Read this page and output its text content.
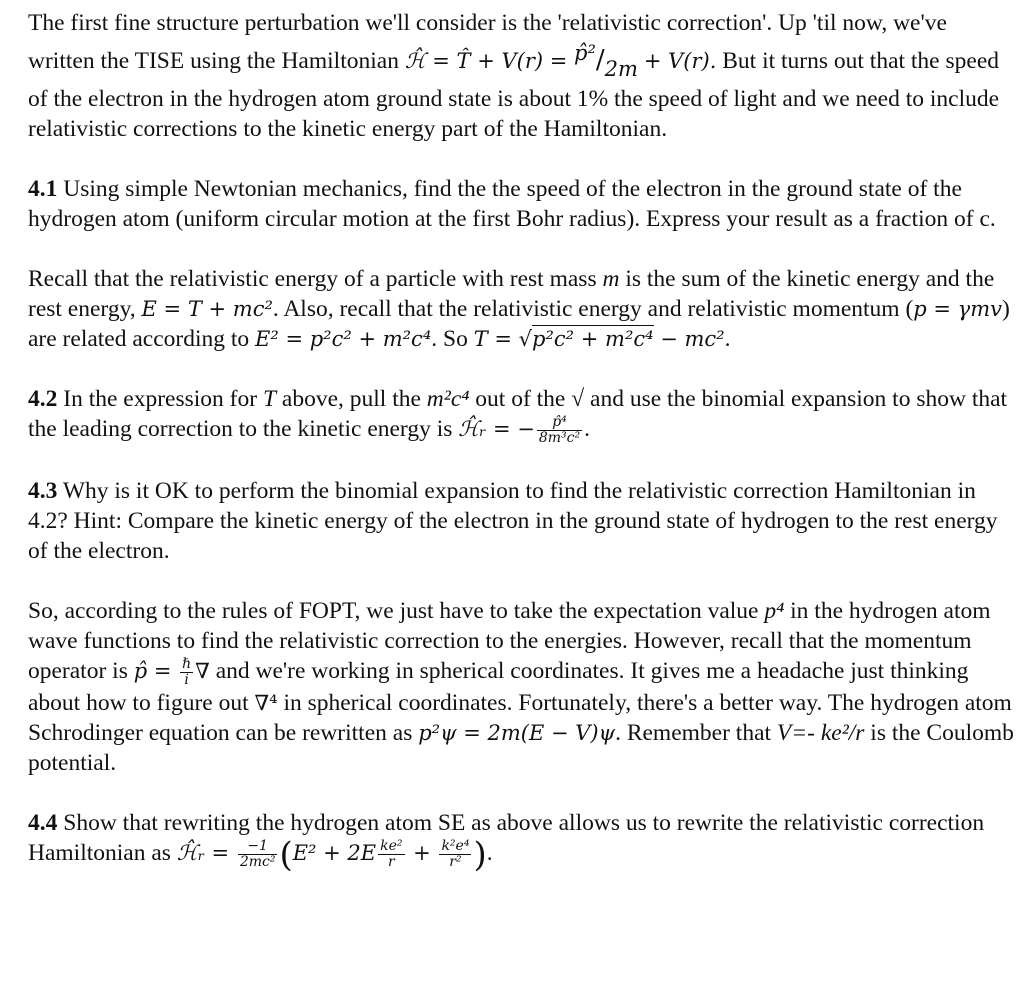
The first fine structure perturbation we'll consider is the 'relativistic correction'. Up 'til now, we've written the TISE using the Hamiltonian ℋ̂ = T̂ + V(r) = p̂²/2m + V(r). But it turns out that the speed of the electron in the hydrogen atom ground state is about 1% the speed of light and we need to include relativistic corrections to the kinetic energy part of the Hamiltonian.

4.1 Using simple Newtonian mechanics, find the the speed of the electron in the ground state of the hydrogen atom (uniform circular motion at the first Bohr radius). Express your result as a fraction of c.

Recall that the relativistic energy of a particle with rest mass m is the sum of the kinetic energy and the rest energy, E = T + mc². Also, recall that the relativistic energy and relativistic momentum (p = γmv) are related according to E² = p²c² + m²c⁴. So T = √p²c² + m²c⁴ − mc².

4.2 In the expression for T above, pull the m²c⁴ out of the √ and use the binomial expansion to show that the leading correction to the kinetic energy is ℋ̂ᵣ = − $\frac{\text{p̂⁴}}{\text{8m³c²}}$ .

4.3 Why is it OK to perform the binomial expansion to find the relativistic correction Hamiltonian in 4.2? Hint: Compare the kinetic energy of the electron in the ground state of hydrogen to the rest energy of the electron.

So, according to the rules of FOPT, we just have to take the expectation value p⁴ in the hydrogen atom wave functions to find the relativistic correction to the energies. However, recall that the momentum operator is p̂ = $\frac{\text{ℏ}}{i}$ ∇ and we're working in spherical coordinates. It gives me a headache just thinking about how to figure out ∇⁴ in spherical coordinates. Fortunately, there's a better way. The hydrogen atom Schrodinger equation can be rewritten as p²ψ = 2m(E − V)ψ. Remember that V=- ke²/r is the Coulomb potential.

4.4 Show that rewriting the hydrogen atom SE as above allows us to rewrite the relativistic correction Hamiltonian as ℋ̂ᵣ = $\frac{-1}{\text{2mc²}} (E^2 + 2E \frac{\text{ke²}}{r} + \frac{\text{k²e⁴}}{\text{r²}}$ ).
